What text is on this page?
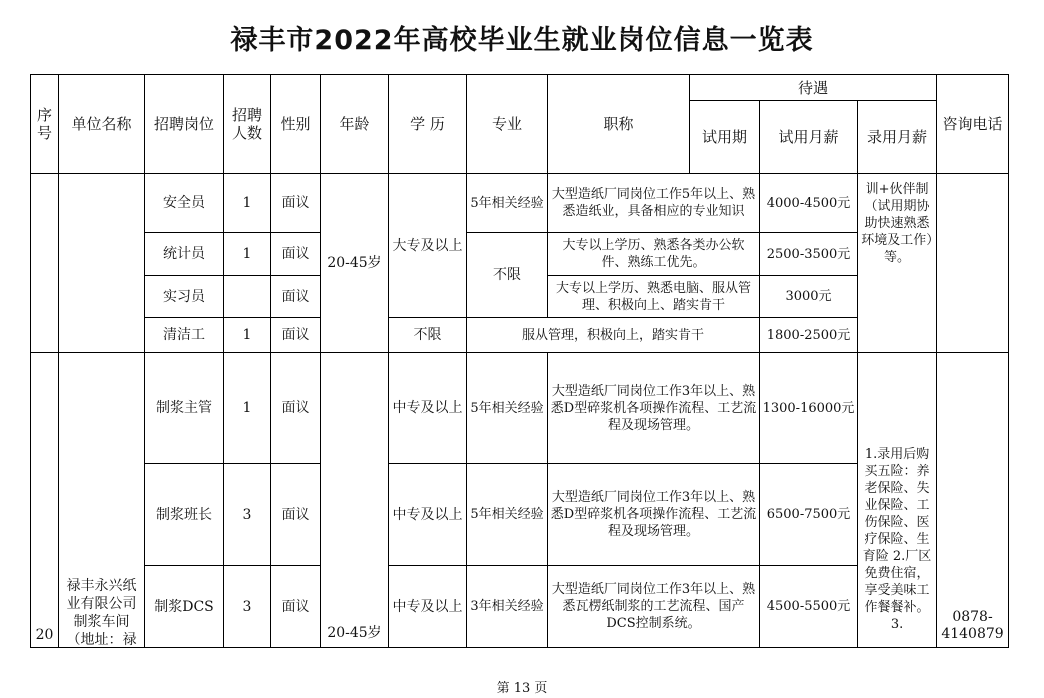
禄丰市2022年高校毕业生就业岗位信息一览表
序号	单位名称	招聘岗位	招聘人数	性别	年龄	学 历	专业	职称	待遇			咨询电话	
									试用期	试用月薪	录用月薪	
		安全员	1	面议	20-45岁	大专及以上	5年相关经验	大型造纸厂同岗位工作5年以上、熟悉造纸业，具备相应的专业知识		4000-4500元	训+伙伴制（试用期协助快速熟悉环境及工作）等。		

		统计员	1	面议			不限	大专以上学历、熟悉各类办公软件、熟练工优先。		2500-3500元			
		实习员		面议				大专以上学历、熟悉电脑、服从管理、积极向上、踏实肯干		3000元			
		清洁工	1	面议		不限	服从管理，积极向上，踏实肯干			1800-2500元			

20	禄丰永兴纸业有限公司制浆车间（地址：禄	制浆主管	1	面议	20-45岁	中专及以上	5年相关经验	大型造纸厂同岗位工作3年以上、熟悉D型碎浆机各项操作流程、工艺流程及现场管理。		1300-16000元	1.录用后购买五险：养老保险、失业保险、工伤保险、医疗保险、生育险 2.厂区免费住宿，享受美味工作餐餐补。3.	0878-4140879	

		制浆班长	3	面议		中专及以上	5年相关经验	大型造纸厂同岗位工作3年以上、熟悉D型碎浆机各项操作流程、工艺流程及现场管理。		6500-7500元			
		制浆DCS	3	面议		中专及以上	3年相关经验	大型造纸厂同岗位工作3年以上、熟悉瓦楞纸制浆的工艺流程、国产DCS控制系统。		4500-5500元			
第 13 页
